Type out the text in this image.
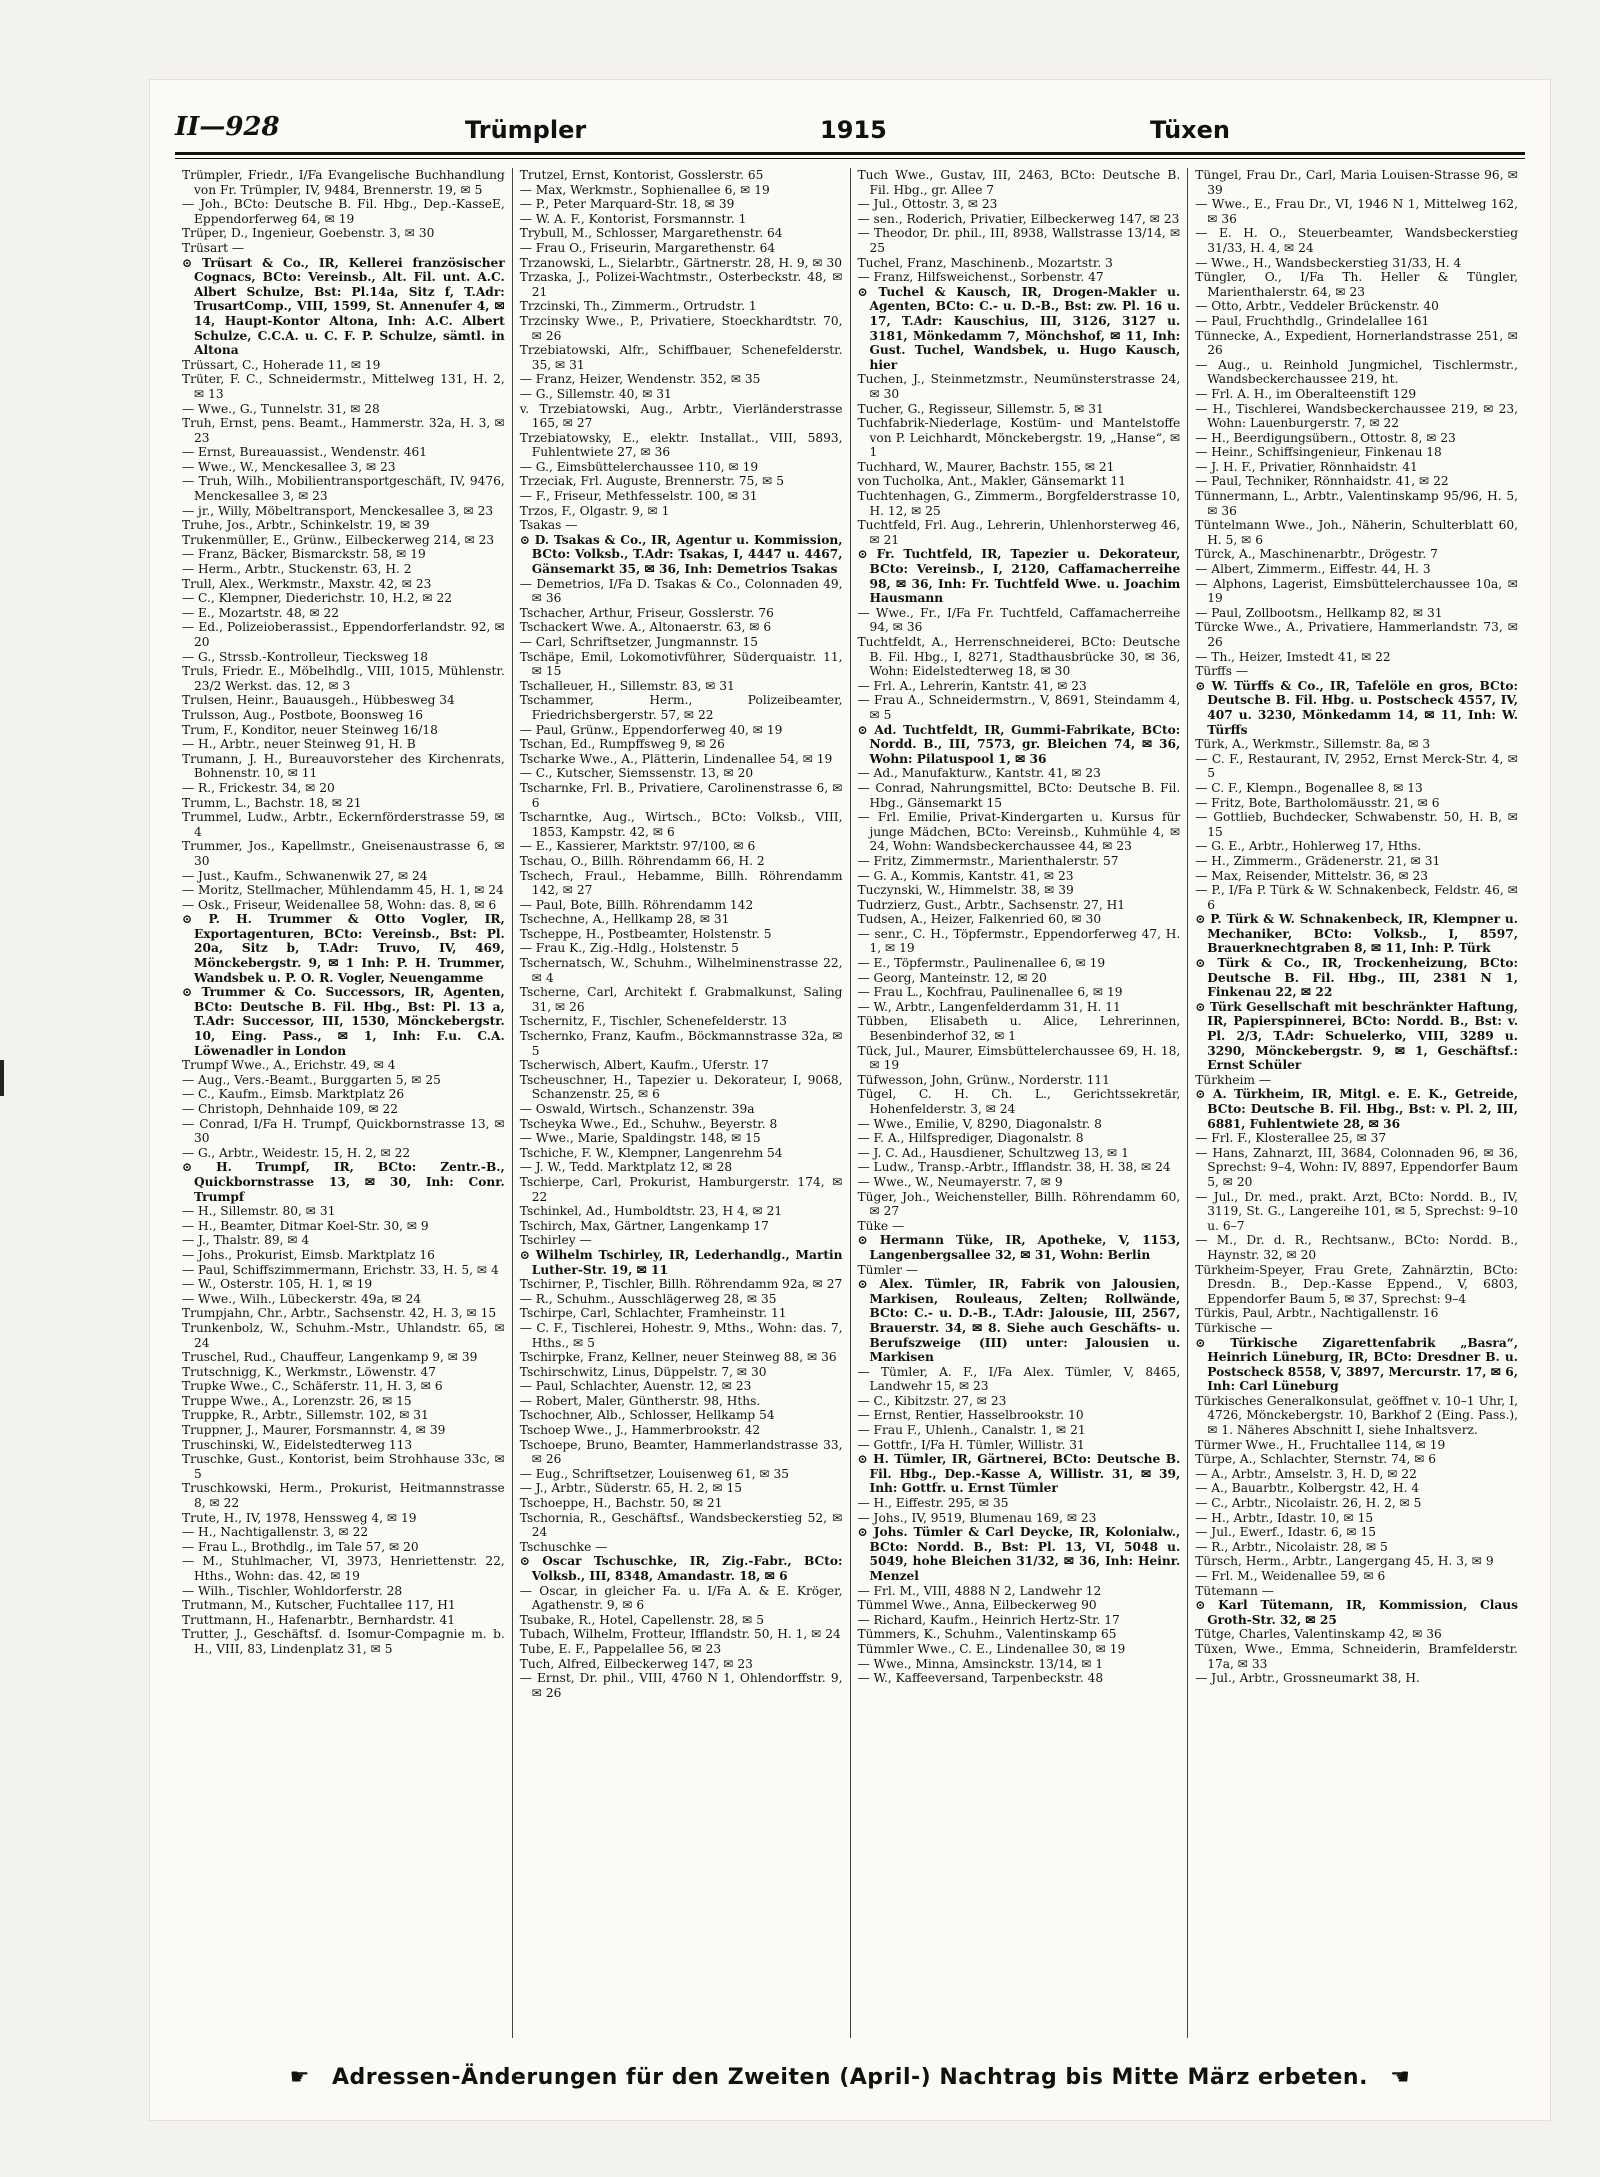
II—928	Trümpler	1915	Tüxen

Trümpler, Friedr., I/Fa Evangelische Buchhandlung von Fr. Trümpler, IV, 9484, Brennerstr. 19, ✉ 5

— Joh., BCto: Deutsche B. Fil. Hbg., Dep.-KasseE, Eppendorferweg 64, ✉ 19

Trüper, D., Ingenieur, Goebenstr. 3, ✉ 30

Trüsart —

⊙ Trüsart & Co., IR, Kellerei französischer Cognacs, BCto: Vereinsb., Alt. Fil. unt. A.C. Albert Schulze, Bst: Pl.14a, Sitz f, T.Adr: TrusartComp., VIII, 1599, St. Annenufer 4, ✉ 14, Haupt-Kontor Altona, Inh: A.C. Albert Schulze, C.C.A. u. C. F. P. Schulze, sämtl. in Altona

Trüssart, C., Hoherade 11, ✉ 19

Trüter, F. C., Schneidermstr., Mittelweg 131, H. 2, ✉ 13

— Wwe., G., Tunnelstr. 31, ✉ 28

Truh, Ernst, pens. Beamt., Hammerstr. 32a, H. 3, ✉ 23

— Ernst, Bureauassist., Wendenstr. 461

— Wwe., W., Menckesallee 3, ✉ 23

— Truh, Wilh., Mobilientransportgeschäft, IV, 9476, Menckesallee 3, ✉ 23

— jr., Willy, Möbeltransport, Menckesallee 3, ✉ 23

Truhe, Jos., Arbtr., Schinkelstr. 19, ✉ 39

Trukenmüller, E., Grünw., Eilbeckerweg 214, ✉ 23

— Franz, Bäcker, Bismarckstr. 58, ✉ 19

— Herm., Arbtr., Stuckenstr. 63, H. 2

Trull, Alex., Werkmstr., Maxstr. 42, ✉ 23

— C., Klempner, Diederichstr. 10, H.2, ✉ 22

— E., Mozartstr. 48, ✉ 22

— Ed., Polizeioberassist., Eppendorferlandstr. 92, ✉ 20

— G., Strssb.-Kontrolleur, Tiecksweg 18

Truls, Friedr. E., Möbelhdlg., VIII, 1015, Mühlenstr. 23/2 Werkst. das. 12, ✉ 3

Trulsen, Heinr., Bauausgeh., Hübbesweg 34

Trulsson, Aug., Postbote, Boonsweg 16

Trum, F., Konditor, neuer Steinweg 16/18

— H., Arbtr., neuer Steinweg 91, H. B

Trumann, J. H., Bureauvorsteher des Kirchenrats, Bohnenstr. 10, ✉ 11

— R., Frickestr. 34, ✉ 20

Trumm, L., Bachstr. 18, ✉ 21

Trummel, Ludw., Arbtr., Eckernförderstrasse 59, ✉ 4

Trummer, Jos., Kapellmstr., Gneisenaustrasse 6, ✉ 30

— Just., Kaufm., Schwanenwik 27, ✉ 24

— Moritz, Stellmacher, Mühlendamm 45, H. 1, ✉ 24

— Osk., Friseur, Weidenallee 58, Wohn: das. 8, ✉ 6

⊙ P. H. Trummer & Otto Vogler, IR, Exportagenturen, BCto: Vereinsb., Bst: Pl. 20a, Sitz b, T.Adr: Truvo, IV, 469, Mönckebergstr. 9, ✉ 1 Inh: P. H. Trummer, Wandsbek u. P. O. R. Vogler, Neuengamme

⊙ Trummer & Co. Successors, IR, Agenten, BCto: Deutsche B. Fil. Hbg., Bst: Pl. 13 a, T.Adr: Successor, III, 1530, Mönckebergstr. 10, Eing. Pass., ✉ 1, Inh: F.u. C.A. Löwenadler in London

Trumpf Wwe., A., Erichstr. 49, ✉ 4

— Aug., Vers.-Beamt., Burggarten 5, ✉ 25

— C., Kaufm., Eimsb. Marktplatz 26

— Christoph, Dehnhaide 109, ✉ 22

— Conrad, I/Fa H. Trumpf, Quickbornstrasse 13, ✉ 30

— G., Arbtr., Weidestr. 15, H. 2, ✉ 22

⊙ H. Trumpf, IR, BCto: Zentr.-B., Quickbornstrasse 13, ✉ 30, Inh: Conr. Trumpf

— H., Sillemstr. 80, ✉ 31

— H., Beamter, Ditmar Koel-Str. 30, ✉ 9

— J., Thalstr. 89, ✉ 4

— Johs., Prokurist, Eimsb. Marktplatz 16

— Paul, Schiffszimmermann, Erichstr. 33, H. 5, ✉ 4

— W., Osterstr. 105, H. 1, ✉ 19

— Wwe., Wilh., Lübeckerstr. 49a, ✉ 24

Trumpjahn, Chr., Arbtr., Sachsenstr. 42, H. 3, ✉ 15

Trunkenbolz, W., Schuhm.-Mstr., Uhlandstr. 65, ✉ 24

Truschel, Rud., Chauffeur, Langenkamp 9, ✉ 39

Trutschnigg, K., Werkmstr., Löwenstr. 47

Trupke Wwe., C., Schäferstr. 11, H. 3, ✉ 6

Truppe Wwe., A., Lorenzstr. 26, ✉ 15

Truppke, R., Arbtr., Sillemstr. 102, ✉ 31

Truppner, J., Maurer, Forsmannstr. 4, ✉ 39

Truschinski, W., Eidelstedterweg 113

Truschke, Gust., Kontorist, beim Strohhause 33c, ✉ 5

Truschkowski, Herm., Prokurist, Heitmannstrasse 8, ✉ 22

Trute, H., IV, 1978, Henssweg 4, ✉ 19

— H., Nachtigallenstr. 3, ✉ 22

— Frau L., Brothdlg., im Tale 57, ✉ 20

— M., Stuhlmacher, VI, 3973, Henriettenstr. 22, Hths., Wohn: das. 42, ✉ 19

— Wilh., Tischler, Wohldorferstr. 28

Trutmann, M., Kutscher, Fuchtallee 117, H1

Truttmann, H., Hafenarbtr., Bernhardstr. 41

Trutter, J., Geschäftsf. d. Isomur-Compagnie m. b. H., VIII, 83, Lindenplatz 31, ✉ 5

Trutzel, Ernst, Kontorist, Gosslerstr. 65

— Max, Werkmstr., Sophienallee 6, ✉ 19

— P., Peter Marquard-Str. 18, ✉ 39

— W. A. F., Kontorist, Forsmannstr. 1

Trybull, M., Schlosser, Margarethenstr. 64

— Frau O., Friseurin, Margarethenstr. 64

Trzanowski, L., Sielarbtr., Gärtnerstr. 28, H. 9, ✉ 30

Trzaska, J., Polizei-Wachtmstr., Osterbeckstr. 48, ✉ 21

Trzcinski, Th., Zimmerm., Ortrudstr. 1

Trzcinsky Wwe., P., Privatiere, Stoeckhardtstr. 70, ✉ 26

Trzebiatowski, Alfr., Schiffbauer, Schenefelderstr. 35, ✉ 31

— Franz, Heizer, Wendenstr. 352, ✉ 35

— G., Sillemstr. 40, ✉ 31

v. Trzebiatowski, Aug., Arbtr., Vierländerstrasse 165, ✉ 27

Trzebiatowsky, E., elektr. Installat., VIII, 5893, Fuhlentwiete 27, ✉ 36

— G., Eimsbüttelerchaussee 110, ✉ 19

Trzeciak, Frl. Auguste, Brennerstr. 75, ✉ 5

— F., Friseur, Methfesselstr. 100, ✉ 31

Trzos, F., Olgastr. 9, ✉ 1

Tsakas —

⊙ D. Tsakas & Co., IR, Agentur u. Kommission, BCto: Volksb., T.Adr: Tsakas, I, 4447 u. 4467, Gänsemarkt 35, ✉ 36, Inh: Demetrios Tsakas

— Demetrios, I/Fa D. Tsakas & Co., Colonnaden 49, ✉ 36

Tschacher, Arthur, Friseur, Gosslerstr. 76

Tschackert Wwe. A., Altonaerstr. 63, ✉ 6

— Carl, Schriftsetzer, Jungmannstr. 15

Tschäpe, Emil, Lokomotivführer, Süderquaistr. 11, ✉ 15

Tschalleuer, H., Sillemstr. 83, ✉ 31

Tschammer, Herm., Polizeibeamter, Friedrichsbergerstr. 57, ✉ 22

— Paul, Grünw., Eppendorferweg 40, ✉ 19

Tschan, Ed., Rumpffsweg 9, ✉ 26

Tscharke Wwe., A., Plätterin, Lindenallee 54, ✉ 19

— C., Kutscher, Siemssenstr. 13, ✉ 20

Tscharnke, Frl. B., Privatiere, Carolinenstrasse 6, ✉ 6

Tscharntke, Aug., Wirtsch., BCto: Volksb., VIII, 1853, Kampstr. 42, ✉ 6

— E., Kassierer, Marktstr. 97/100, ✉ 6

Tschau, O., Billh. Röhrendamm 66, H. 2

Tschech, Fraul., Hebamme, Billh. Röhrendamm 142, ✉ 27

— Paul, Bote, Billh. Röhrendamm 142

Tschechne, A., Hellkamp 28, ✉ 31

Tscheppe, H., Postbeamter, Holstenstr. 5

— Frau K., Zig.-Hdlg., Holstenstr. 5

Tschernatsch, W., Schuhm., Wilhelminenstrasse 22, ✉ 4

Tscherne, Carl, Architekt f. Grabmalkunst, Saling 31, ✉ 26

Tschernitz, F., Tischler, Schenefelderstr. 13

Tschernko, Franz, Kaufm., Böckmannstrasse 32a, ✉ 5

Tscherwisch, Albert, Kaufm., Uferstr. 17

Tscheuschner, H., Tapezier u. Dekorateur, I, 9068, Schanzenstr. 25, ✉ 6

— Oswald, Wirtsch., Schanzenstr. 39a

Tscheyka Wwe., Ed., Schuhw., Beyerstr. 8

— Wwe., Marie, Spaldingstr. 148, ✉ 15

Tschiche, F. W., Klempner, Langenrehm 54

— J. W., Tedd. Marktplatz 12, ✉ 28

Tschierpe, Carl, Prokurist, Hamburgerstr. 174, ✉ 22

Tschinkel, Ad., Humboldtstr. 23, H 4, ✉ 21

Tschirch, Max, Gärtner, Langenkamp 17

Tschirley —

⊙ Wilhelm Tschirley, IR, Lederhandlg., Martin Luther-Str. 19, ✉ 11

Tschirner, P., Tischler, Billh. Röhrendamm 92a, ✉ 27

— R., Schuhm., Ausschlägerweg 28, ✉ 35

Tschirpe, Carl, Schlachter, Framheinstr. 11

— C. F., Tischlerei, Hohestr. 9, Mths., Wohn: das. 7, Hths., ✉ 5

Tschirpke, Franz, Kellner, neuer Steinweg 88, ✉ 36

Tschirschwitz, Linus, Düppelstr. 7, ✉ 30

— Paul, Schlachter, Auenstr. 12, ✉ 23

— Robert, Maler, Güntherstr. 98, Hths.

Tschochner, Alb., Schlosser, Hellkamp 54

Tschoep Wwe., J., Hammerbrookstr. 42

Tschoepe, Bruno, Beamter, Hammerlandstrasse 33, ✉ 26

— Eug., Schriftsetzer, Louisenweg 61, ✉ 35

— J., Arbtr., Süderstr. 65, H. 2, ✉ 15

Tschoeppe, H., Bachstr. 50, ✉ 21

Tschornia, R., Geschäftsf., Wandsbeckerstieg 52, ✉ 24

Tschuschke —

⊙ Oscar Tschuschke, IR, Zig.-Fabr., BCto: Volksb., III, 8348, Amandastr. 18, ✉ 6

— Oscar, in gleicher Fa. u. I/Fa A. & E. Kröger, Agathenstr. 9, ✉ 6

Tsubake, R., Hotel, Capellenstr. 28, ✉ 5

Tubach, Wilhelm, Frotteur, Ifflandstr. 50, H. 1, ✉ 24

Tube, E. F., Pappelallee 56, ✉ 23

Tuch, Alfred, Eilbeckerweg 147, ✉ 23

— Ernst, Dr. phil., VIII, 4760 N 1, Ohlendorffstr. 9, ✉ 26

Tuch Wwe., Gustav, III, 2463, BCto: Deutsche B. Fil. Hbg., gr. Allee 7

— Jul., Ottostr. 3, ✉ 23

— sen., Roderich, Privatier, Eilbeckerweg 147, ✉ 23

— Theodor, Dr. phil., III, 8938, Wallstrasse 13/14, ✉ 25

Tuchel, Franz, Maschinenb., Mozartstr. 3

— Franz, Hilfsweichenst., Sorbenstr. 47

⊙ Tuchel & Kausch, IR, Drogen-Makler u. Agenten, BCto: C.- u. D.-B., Bst: zw. Pl. 16 u. 17, T.Adr: Kauschius, III, 3126, 3127 u. 3181, Mönkedamm 7, Mönchshof, ✉ 11, Inh: Gust. Tuchel, Wandsbek, u. Hugo Kausch, hier

Tuchen, J., Steinmetzmstr., Neumünsterstrasse 24, ✉ 30

Tucher, G., Regisseur, Sillemstr. 5, ✉ 31

Tuchfabrik-Niederlage, Kostüm- und Mantelstoffe von P. Leichhardt, Mönckebergstr. 19, „Hanse“, ✉ 1

Tuchhard, W., Maurer, Bachstr. 155, ✉ 21

von Tucholka, Ant., Makler, Gänsemarkt 11

Tuchtenhagen, G., Zimmerm., Borgfelderstrasse 10, H. 12, ✉ 25

Tuchtfeld, Frl. Aug., Lehrerin, Uhlenhorsterweg 46, ✉ 21

⊙ Fr. Tuchtfeld, IR, Tapezier u. Dekorateur, BCto: Vereinsb., I, 2120, Caffamacherreihe 98, ✉ 36, Inh: Fr. Tuchtfeld Wwe. u. Joachim Hausmann

— Wwe., Fr., I/Fa Fr. Tuchtfeld, Caffamacherreihe 94, ✉ 36

Tuchtfeldt, A., Herrenschneiderei, BCto: Deutsche B. Fil. Hbg., I, 8271, Stadthausbrücke 30, ✉ 36, Wohn: Eidelstedterweg 18, ✉ 30

— Frl. A., Lehrerin, Kantstr. 41, ✉ 23

— Frau A., Schneidermstrn., V, 8691, Steindamm 4, ✉ 5

⊙ Ad. Tuchtfeldt, IR, Gummi-Fabrikate, BCto: Nordd. B., III, 7573, gr. Bleichen 74, ✉ 36, Wohn: Pilatuspool 1, ✉ 36

— Ad., Manufakturw., Kantstr. 41, ✉ 23

— Conrad, Nahrungsmittel, BCto: Deutsche B. Fil. Hbg., Gänsemarkt 15

— Frl. Emilie, Privat-Kindergarten u. Kursus für junge Mädchen, BCto: Vereinsb., Kuhmühle 4, ✉ 24, Wohn: Wandsbeckerchaussee 44, ✉ 23

— Fritz, Zimmermstr., Marienthalerstr. 57

— G. A., Kommis, Kantstr. 41, ✉ 23

Tuczynski, W., Himmelstr. 38, ✉ 39

Tudrzierz, Gust., Arbtr., Sachsenstr. 27, H1

Tudsen, A., Heizer, Falkenried 60, ✉ 30

— senr., C. H., Töpfermstr., Eppendorferweg 47, H. 1, ✉ 19

— E., Töpfermstr., Paulinenallee 6, ✉ 19

— Georg, Manteinstr. 12, ✉ 20

— Frau L., Kochfrau, Paulinenallee 6, ✉ 19

— W., Arbtr., Langenfelderdamm 31, H. 11

Tübben, Elisabeth u. Alice, Lehrerinnen, Besenbinderhof 32, ✉ 1

Tück, Jul., Maurer, Eimsbüttelerchaussee 69, H. 18, ✉ 19

Tüfwesson, John, Grünw., Norderstr. 111

Tügel, C. H. Ch. L., Gerichtssekretär, Hohenfelderstr. 3, ✉ 24

— Wwe., Emilie, V, 8290, Diagonalstr. 8

— F. A., Hilfsprediger, Diagonalstr. 8

— J. C. Ad., Hausdiener, Schultzweg 13, ✉ 1

— Ludw., Transp.-Arbtr., Ifflandstr. 38, H. 38, ✉ 24

— Wwe., W., Neumayerstr. 7, ✉ 9

Tüger, Joh., Weichensteller, Billh. Röhrendamm 60, ✉ 27

Tüke —

⊙ Hermann Tüke, IR, Apotheke, V, 1153, Langenbergsallee 32, ✉ 31, Wohn: Berlin

Tümler —

⊙ Alex. Tümler, IR, Fabrik von Jalousien, Markisen, Rouleaus, Zelten; Rollwände, BCto: C.- u. D.-B., T.Adr: Jalousie, III, 2567, Brauerstr. 34, ✉ 8. Siehe auch Geschäfts- u. Berufszweige (III) unter: Jalousien u. Markisen

— Tümler, A. F., I/Fa Alex. Tümler, V, 8465, Landwehr 15, ✉ 23

— C., Kibitzstr. 27, ✉ 23

— Ernst, Rentier, Hasselbrookstr. 10

— Frau F., Uhlenh., Canalstr. 1, ✉ 21

— Gottfr., I/Fa H. Tümler, Willistr. 31

⊙ H. Tümler, IR, Gärtnerei, BCto: Deutsche B. Fil. Hbg., Dep.-Kasse A, Willistr. 31, ✉ 39, Inh: Gottfr. u. Ernst Tümler

— H., Eiffestr. 295, ✉ 35

— Johs., IV, 9519, Blumenau 169, ✉ 23

⊙ Johs. Tümler & Carl Deycke, IR, Kolonialw., BCto: Nordd. B., Bst: Pl. 13, VI, 5048 u. 5049, hohe Bleichen 31/32, ✉ 36, Inh: Heinr. Menzel

— Frl. M., VIII, 4888 N 2, Landwehr 12

Tümmel Wwe., Anna, Eilbeckerweg 90

— Richard, Kaufm., Heinrich Hertz-Str. 17

Tümmers, K., Schuhm., Valentinskamp 65

Tümmler Wwe., C. E., Lindenallee 30, ✉ 19

— Wwe., Minna, Amsinckstr. 13/14, ✉ 1

— W., Kaffeeversand, Tarpenbeckstr. 48

Tüngel, Frau Dr., Carl, Maria Louisen-Strasse 96, ✉ 39

— Wwe., E., Frau Dr., VI, 1946 N 1, Mittelweg 162, ✉ 36

— E. H. O., Steuerbeamter, Wandsbeckerstieg 31/33, H. 4, ✉ 24

— Wwe., H., Wandsbeckerstieg 31/33, H. 4

Tüngler, O., I/Fa Th. Heller & Tüngler, Marienthalerstr. 64, ✉ 23

— Otto, Arbtr., Veddeler Brückenstr. 40

— Paul, Fruchthdlg., Grindelallee 161

Tünnecke, A., Expedient, Hornerlandstrasse 251, ✉ 26

— Aug., u. Reinhold Jungmichel, Tischlermstr., Wandsbeckerchaussee 219, ht.

— Frl. A. H., im Oberalteenstift 129

— H., Tischlerei, Wandsbeckerchaussee 219, ✉ 23, Wohn: Lauenburgerstr. 7, ✉ 22

— H., Beerdigungsübern., Ottostr. 8, ✉ 23

— Heinr., Schiffsingenieur, Finkenau 18

— J. H. F., Privatier, Rönnhaidstr. 41

— Paul, Techniker, Rönnhaidstr. 41, ✉ 22

Tünnermann, L., Arbtr., Valentinskamp 95/96, H. 5, ✉ 36

Tüntelmann Wwe., Joh., Näherin, Schulterblatt 60, H. 5, ✉ 6

Türck, A., Maschinenarbtr., Drögestr. 7

— Albert, Zimmerm., Eiffestr. 44, H. 3

— Alphons, Lagerist, Eimsbüttelerchaussee 10a, ✉ 19

— Paul, Zollbootsm., Hellkamp 82, ✉ 31

Türcke Wwe., A., Privatiere, Hammerlandstr. 73, ✉ 26

— Th., Heizer, Imstedt 41, ✉ 22

Türffs —

⊙ W. Türffs & Co., IR, Tafelöle en gros, BCto: Deutsche B. Fil. Hbg. u. Postscheck 4557, IV, 407 u. 3230, Mönkedamm 14, ✉ 11, Inh: W. Türffs

Türk, A., Werkmstr., Sillemstr. 8a, ✉ 3

— C. F., Restaurant, IV, 2952, Ernst Merck-Str. 4, ✉ 5

— C. F., Klempn., Bogenallee 8, ✉ 13

— Fritz, Bote, Bartholomäusstr. 21, ✉ 6

— Gottlieb, Buchdecker, Schwabenstr. 50, H. B, ✉ 15

— G. E., Arbtr., Hohlerweg 17, Hths.

— H., Zimmerm., Grädenerstr. 21, ✉ 31

— Max, Reisender, Mittelstr. 36, ✉ 23

— P., I/Fa P. Türk & W. Schnakenbeck, Feldstr. 46, ✉ 6

⊙ P. Türk & W. Schnakenbeck, IR, Klempner u. Mechaniker, BCto: Volksb., I, 8597, Brauerknechtgraben 8, ✉ 11, Inh: P. Türk

⊙ Türk & Co., IR, Trockenheizung, BCto: Deutsche B. Fil. Hbg., III, 2381 N 1, Finkenau 22, ✉ 22

⊙ Türk Gesellschaft mit beschränkter Haftung, IR, Papierspinnerei, BCto: Nordd. B., Bst: v. Pl. 2/3, T.Adr: Schuelerko, VIII, 3289 u. 3290, Mönckebergstr. 9, ✉ 1, Geschäftsf.: Ernst Schüler

Türkheim —

⊙ A. Türkheim, IR, Mitgl. e. E. K., Getreide, BCto: Deutsche B. Fil. Hbg., Bst: v. Pl. 2, III, 6881, Fuhlentwiete 28, ✉ 36

— Frl. F., Klosterallee 25, ✉ 37

— Hans, Zahnarzt, III, 3684, Colonnaden 96, ✉ 36, Sprechst: 9–4, Wohn: IV, 8897, Eppendorfer Baum 5, ✉ 20

— Jul., Dr. med., prakt. Arzt, BCto: Nordd. B., IV, 3119, St. G., Langereihe 101, ✉ 5, Sprechst: 9–10 u. 6–7

— M., Dr. d. R., Rechtsanw., BCto: Nordd. B., Haynstr. 32, ✉ 20

Türkheim-Speyer, Frau Grete, Zahnärztin, BCto: Dresdn. B., Dep.-Kasse Eppend., V, 6803, Eppendorfer Baum 5, ✉ 37, Sprechst: 9–4

Türkis, Paul, Arbtr., Nachtigallenstr. 16

Türkische —

⊙ Türkische Zigarettenfabrik „Basra“, Heinrich Lüneburg, IR, BCto: Dresdner B. u. Postscheck 8558, V, 3897, Mercurstr. 17, ✉ 6, Inh: Carl Lüneburg

Türkisches Generalkonsulat, geöffnet v. 10–1 Uhr, I, 4726, Mönckebergstr. 10, Barkhof 2 (Eing. Pass.), ✉ 1. Näheres Abschnitt I, siehe Inhaltsverz.

Türmer Wwe., H., Fruchtallee 114, ✉ 19

Türpe, A., Schlachter, Sternstr. 74, ✉ 6

— A., Arbtr., Amselstr. 3, H. D, ✉ 22

— A., Bauarbtr., Kolbergstr. 42, H. 4

— C., Arbtr., Nicolaistr. 26, H. 2, ✉ 5

— H., Arbtr., Idastr. 10, ✉ 15

— Jul., Ewerf., Idastr. 6, ✉ 15

— R., Arbtr., Nicolaistr. 28, ✉ 5

Türsch, Herm., Arbtr., Langergang 45, H. 3, ✉ 9

— Frl. M., Weidenallee 59, ✉ 6

Tütemann —

⊙ Karl Tütemann, IR, Kommission, Claus Groth-Str. 32, ✉ 25

Tütge, Charles, Valentinskamp 42, ✉ 36

Tüxen, Wwe., Emma, Schneiderin, Bramfelderstr. 17a, ✉ 33

— Jul., Arbtr., Grossneumarkt 38, H.

☛ Adressen-Änderungen für den Zweiten (April-) Nachtrag bis Mitte März erbeten. ☚
